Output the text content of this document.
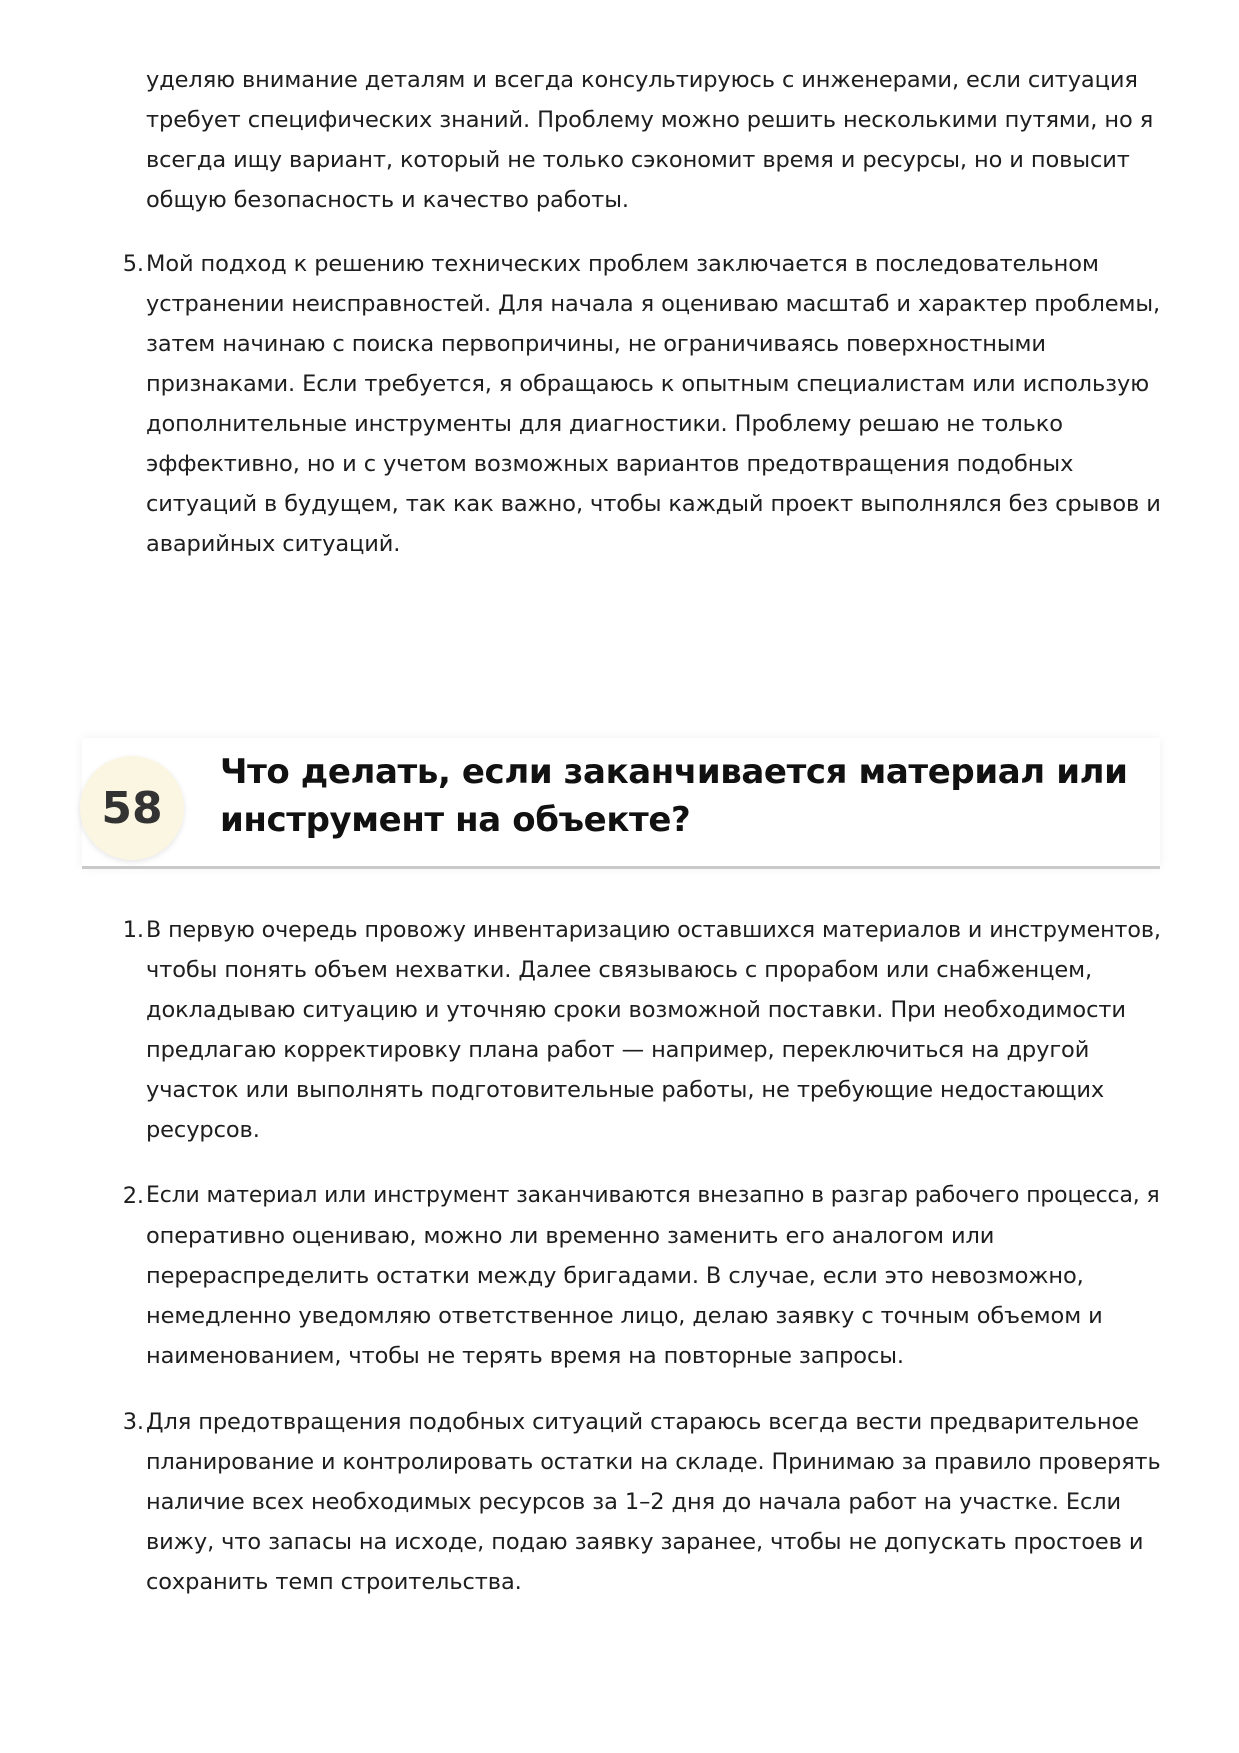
уделяю внимание деталям и всегда консультируюсь с инженерами, если ситуация
требует специфических знаний. Проблему можно решить несколькими путями, но я
всегда ищу вариант, который не только сэкономит время и ресурсы, но и повысит
общую безопасность и качество работы.
5. Мой подход к решению технических проблем заключается в последовательном
устранении неисправностей. Для начала я оцениваю масштаб и характер проблемы,
затем начинаю с поиска первопричины, не ограничиваясь поверхностными
признаками. Если требуется, я обращаюсь к опытным специалистам или использую
дополнительные инструменты для диагностики. Проблему решаю не только
эффективно, но и с учетом возможных вариантов предотвращения подобных
ситуаций в будущем, так как важно, чтобы каждый проект выполнялся без срывов и
аварийных ситуаций.
58
Что делать, если заканчивается материал или
инструмент на объекте?
1. В первую очередь провожу инвентаризацию оставшихся материалов и инструментов,
чтобы понять объем нехватки. Далее связываюсь с прорабом или снабженцем,
докладываю ситуацию и уточняю сроки возможной поставки. При необходимости
предлагаю корректировку плана работ — например, переключиться на другой
участок или выполнять подготовительные работы, не требующие недостающих
ресурсов.
2. Если материал или инструмент заканчиваются внезапно в разгар рабочего процесса, я
оперативно оцениваю, можно ли временно заменить его аналогом или
перераспределить остатки между бригадами. В случае, если это невозможно,
немедленно уведомляю ответственное лицо, делаю заявку с точным объемом и
наименованием, чтобы не терять время на повторные запросы.
3. Для предотвращения подобных ситуаций стараюсь всегда вести предварительное
планирование и контролировать остатки на складе. Принимаю за правило проверять
наличие всех необходимых ресурсов за 1–2 дня до начала работ на участке. Если
вижу, что запасы на исходе, подаю заявку заранее, чтобы не допускать простоев и
сохранить темп строительства.
